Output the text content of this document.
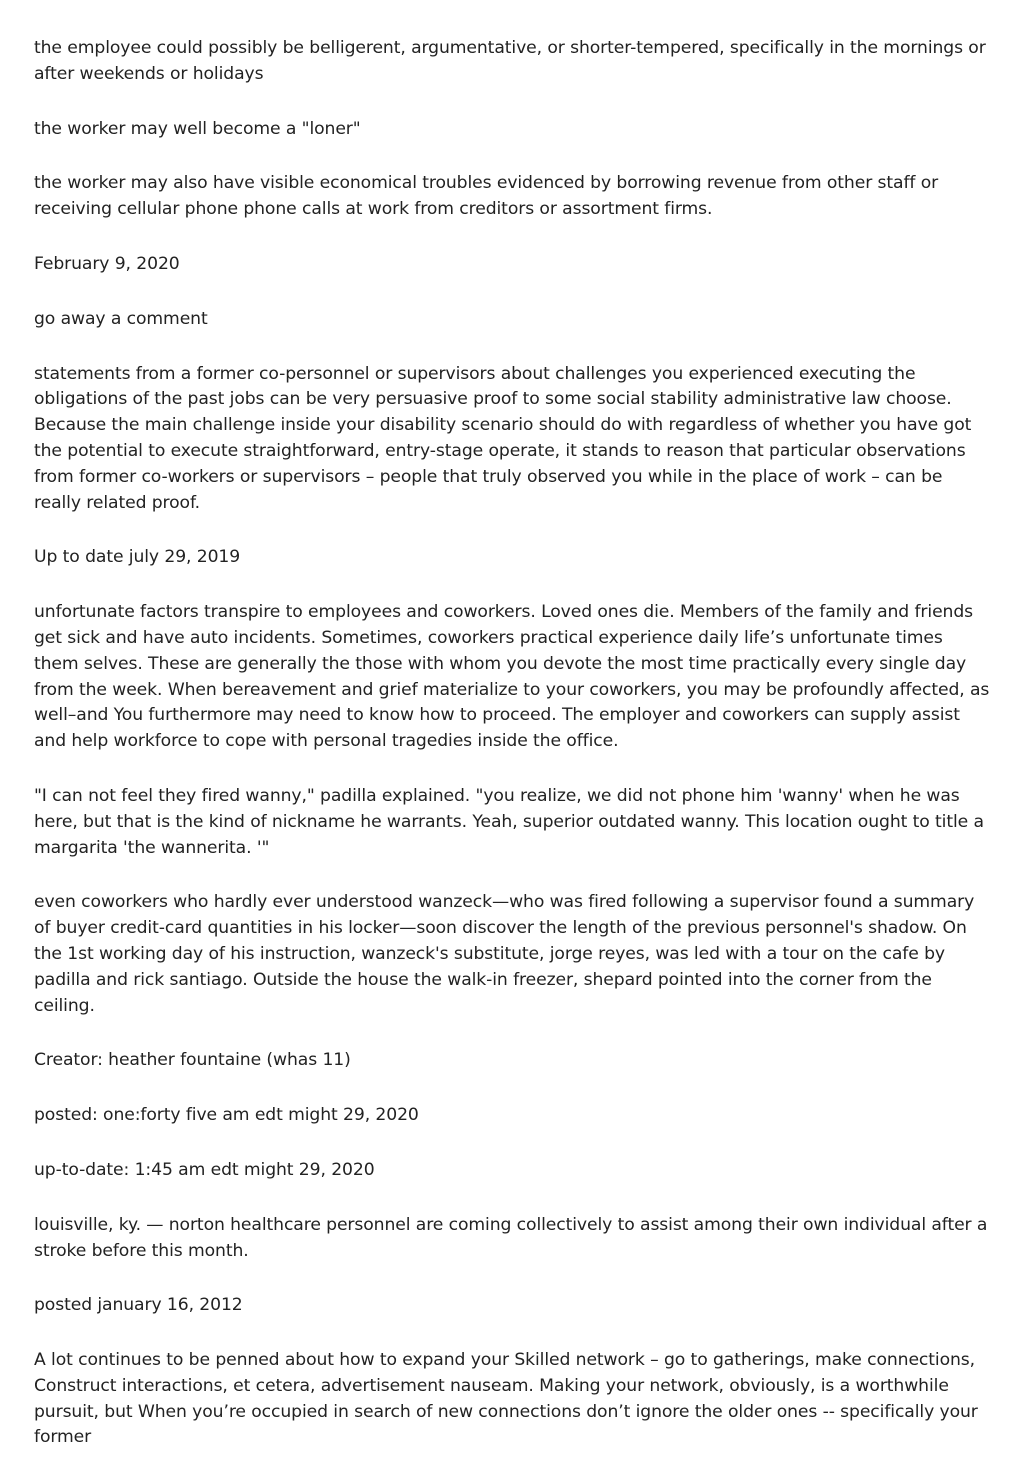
the employee could possibly be belligerent, argumentative, or shorter-tempered, specifically in the mornings or after weekends or holidays

the worker may well become a "loner"

the worker may also have visible economical troubles evidenced by borrowing revenue from other staff or receiving cellular phone phone calls at work from creditors or assortment firms.

February 9, 2020

go away a comment

statements from a former co-personnel or supervisors about challenges you experienced executing the obligations of the past jobs can be very persuasive proof to some social stability administrative law choose. Because the main challenge inside your disability scenario should do with regardless of whether you have got the potential to execute straightforward, entry-stage operate, it stands to reason that particular observations from former co-workers or supervisors – people that truly observed you while in the place of work – can be really related proof.

Up to date july 29, 2019

unfortunate factors transpire to employees and coworkers. Loved ones die. Members of the family and friends get sick and have auto incidents. Sometimes, coworkers practical experience daily life’s unfortunate times them selves. These are generally the those with whom you devote the most time practically every single day from the week. When bereavement and grief materialize to your coworkers, you may be profoundly affected, as well–and You furthermore may need to know how to proceed. The employer and coworkers can supply assist and help workforce to cope with personal tragedies inside the office.

"I can not feel they fired wanny," padilla explained. "you realize, we did not phone him 'wanny' when he was here, but that is the kind of nickname he warrants. Yeah, superior outdated wanny. This location ought to title a margarita 'the wannerita. '"

even coworkers who hardly ever understood wanzeck—who was fired following a supervisor found a summary of buyer credit-card quantities in his locker—soon discover the length of the previous personnel's shadow. On the 1st working day of his instruction, wanzeck's substitute, jorge reyes, was led with a tour on the cafe by padilla and rick santiago. Outside the house the walk-in freezer, shepard pointed into the corner from the ceiling.

Creator: heather fountaine (whas 11)

posted: one:forty five am edt might 29, 2020

up-to-date: 1:45 am edt might 29, 2020

louisville, ky. — norton healthcare personnel are coming collectively to assist among their own individual after a stroke before this month.

posted january 16, 2012

A lot continues to be penned about how to expand your Skilled network – go to gatherings, make connections, Construct interactions, et cetera, advertisement nauseam. Making your network, obviously, is a worthwhile pursuit, but When you’re occupied in search of new connections don’t ignore the older ones -- specifically your former
